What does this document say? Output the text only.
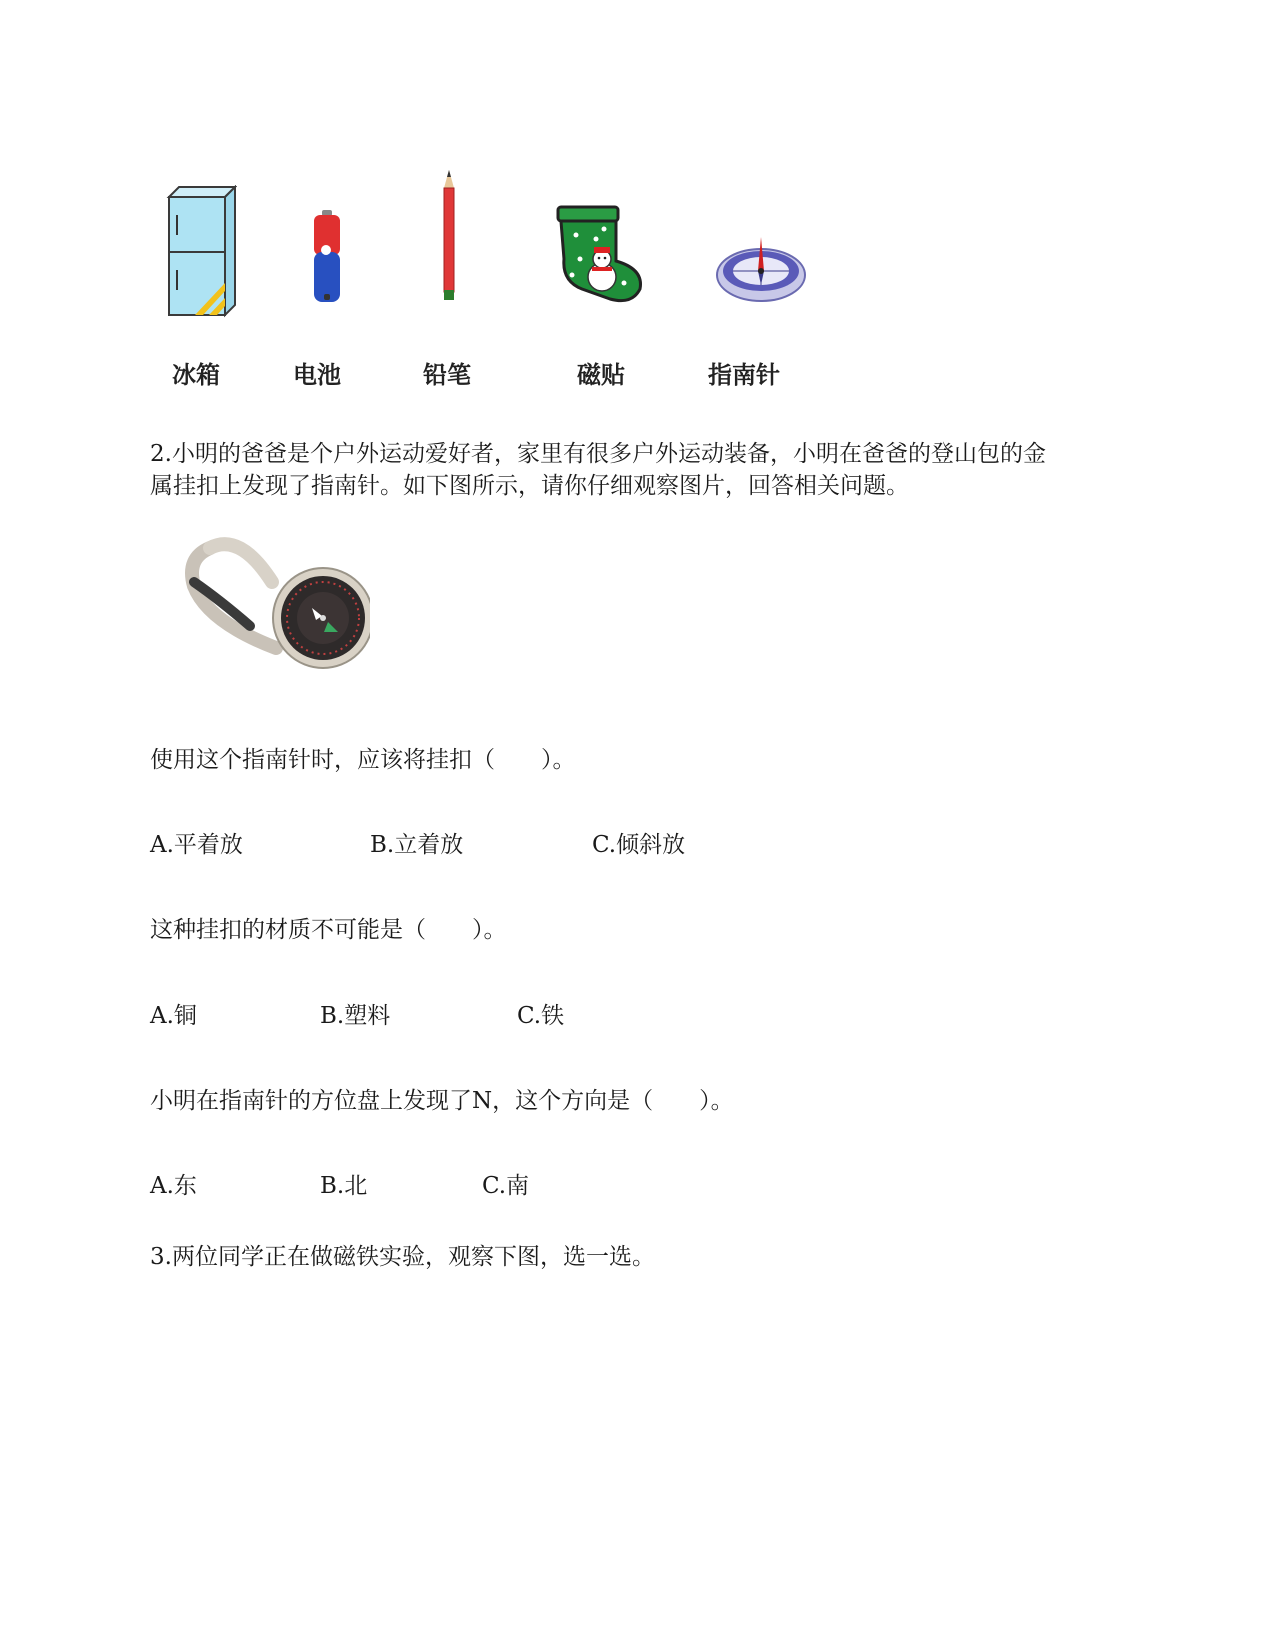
冰箱	电池	铅笔	磁贴	指南针
2.小明的爸爸是个户外运动爱好者，家里有很多户外运动装备，小明在爸爸的登山包的金
属挂扣上发现了指南针。如下图所示，请你仔细观察图片，回答相关问题。
使用这个指南针时，应该将挂扣（　　）。
A.平着放	B.立着放	C.倾斜放
这种挂扣的材质不可能是（　　）。
A.铜	B.塑料	C.铁
小明在指南针的方位盘上发现了N，这个方向是（　　）。
A.东	B.北	C.南
3.两位同学正在做磁铁实验，观察下图，选一选。
